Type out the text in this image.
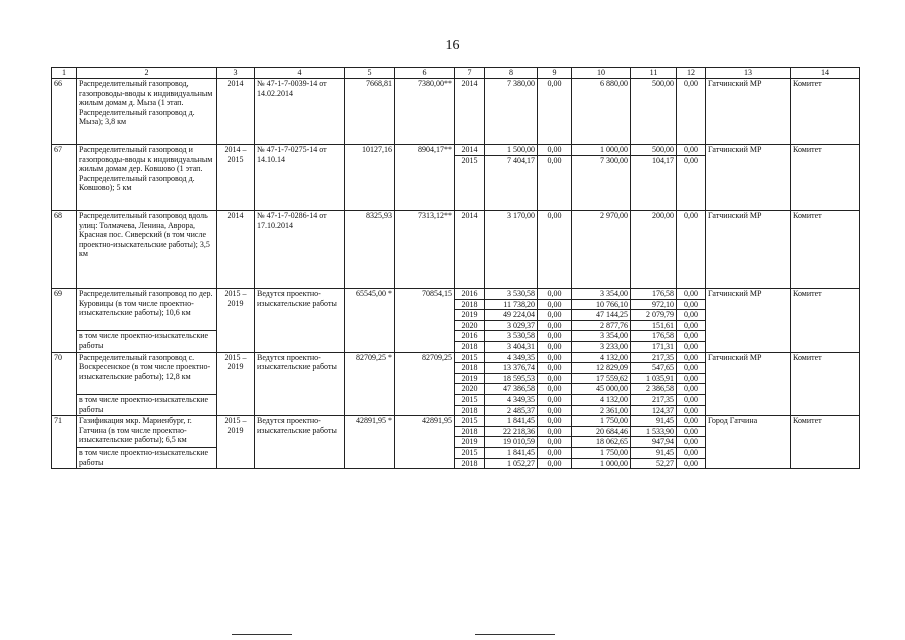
16
1	2	3	4	5	6	7	8	9	10	11	12	13	14
66	Распределительный газопровод, газопроводы-вводы к индивидуальным жилым домам д. Мыза (1 этап. Распределительный газопровод д. Мыза); 3,8 км	2014	№ 47-1-7-0039-14 от 14.02.2014	7668,81	7380,00**	2014	7 380,00	0,00	6 880,00	500,00	0,00	Гатчинский МР	Комитет
67	Распределительный газопровод и газопроводы-вводы к индивидуальным жилым домам дер. Ковшово (1 этап. Распределительный газопровод д. Ковшово); 5 км	2014 – 2015	№ 47-1-7-0275-14 от 14.10.14	10127,16	8904,17**	2014	1 500,00	0,00	1 000,00	500,00	0,00	Гатчинский МР	Комитет
						2015	7 404,17	0,00	7 300,00	104,17	0,00		
68	Распределительный газопровод вдоль улиц: Толмачева, Ленина, Аврора, Красная пос. Сиверский (в том числе проектно-изыскательские работы); 3,5 км	2014	№ 47-1-7-0286-14 от 17.10.2014	8325,93	7313,12**	2014	3 170,00	0,00	2 970,00	200,00	0,00	Гатчинский МР	Комитет
69	Распределительный газопровод по дер. Куровицы (в том числе проектно-изыскательские работы); 10,6 км	2015 – 2019	Ведутся проектно-изыскательские работы	65545,00 *	70854,15	2016	3 530,58	0,00	3 354,00	176,58	0,00	Гатчинский МР	Комитет
						2018	11 738,20	0,00	10 766,10	972,10	0,00		
						2019	49 224,04	0,00	47 144,25	2 079,79	0,00		
						2020	3 029,37	0,00	2 877,76	151,61	0,00		
	в том числе проектно-изыскательские работы					2016	3 530,58	0,00	3 354,00	176,58	0,00		
						2018	3 404,31	0,00	3 233,00	171,31	0,00		
70	Распределительный газопровод с. Воскресенское (в том числе проектно-изыскательские работы); 12,8 км	2015 – 2019	Ведутся проектно-изыскательские работы	82709,25 *	82709,25	2015	4 349,35	0,00	4 132,00	217,35	0,00	Гатчинский МР	Комитет
						2018	13 376,74	0,00	12 829,09	547,65	0,00		
						2019	18 595,53	0,00	17 559,62	1 035,91	0,00		
						2020	47 386,58	0,00	45 000,00	2 386,58	0,00		
	в том числе проектно-изыскательские работы					2015	4 349,35	0,00	4 132,00	217,35	0,00		
						2018	2 485,37	0,00	2 361,00	124,37	0,00		
71	Газификация мкр. Мариенбург, г. Гатчина (в том числе проектно-изыскательские работы); 6,5 км	2015 – 2019	Ведутся проектно-изыскательские работы	42891,95 *	42891,95	2015	1 841,45	0,00	1 750,00	91,45	0,00	Город Гатчина	Комитет
						2018	22 218,36	0,00	20 684,46	1 533,90	0,00		
						2019	19 010,59	0,00	18 062,65	947,94	0,00		
	в том числе проектно-изыскательские работы					2015	1 841,45	0,00	1 750,00	91,45	0,00		
						2018	1 052,27	0,00	1 000,00	52,27	0,00		
